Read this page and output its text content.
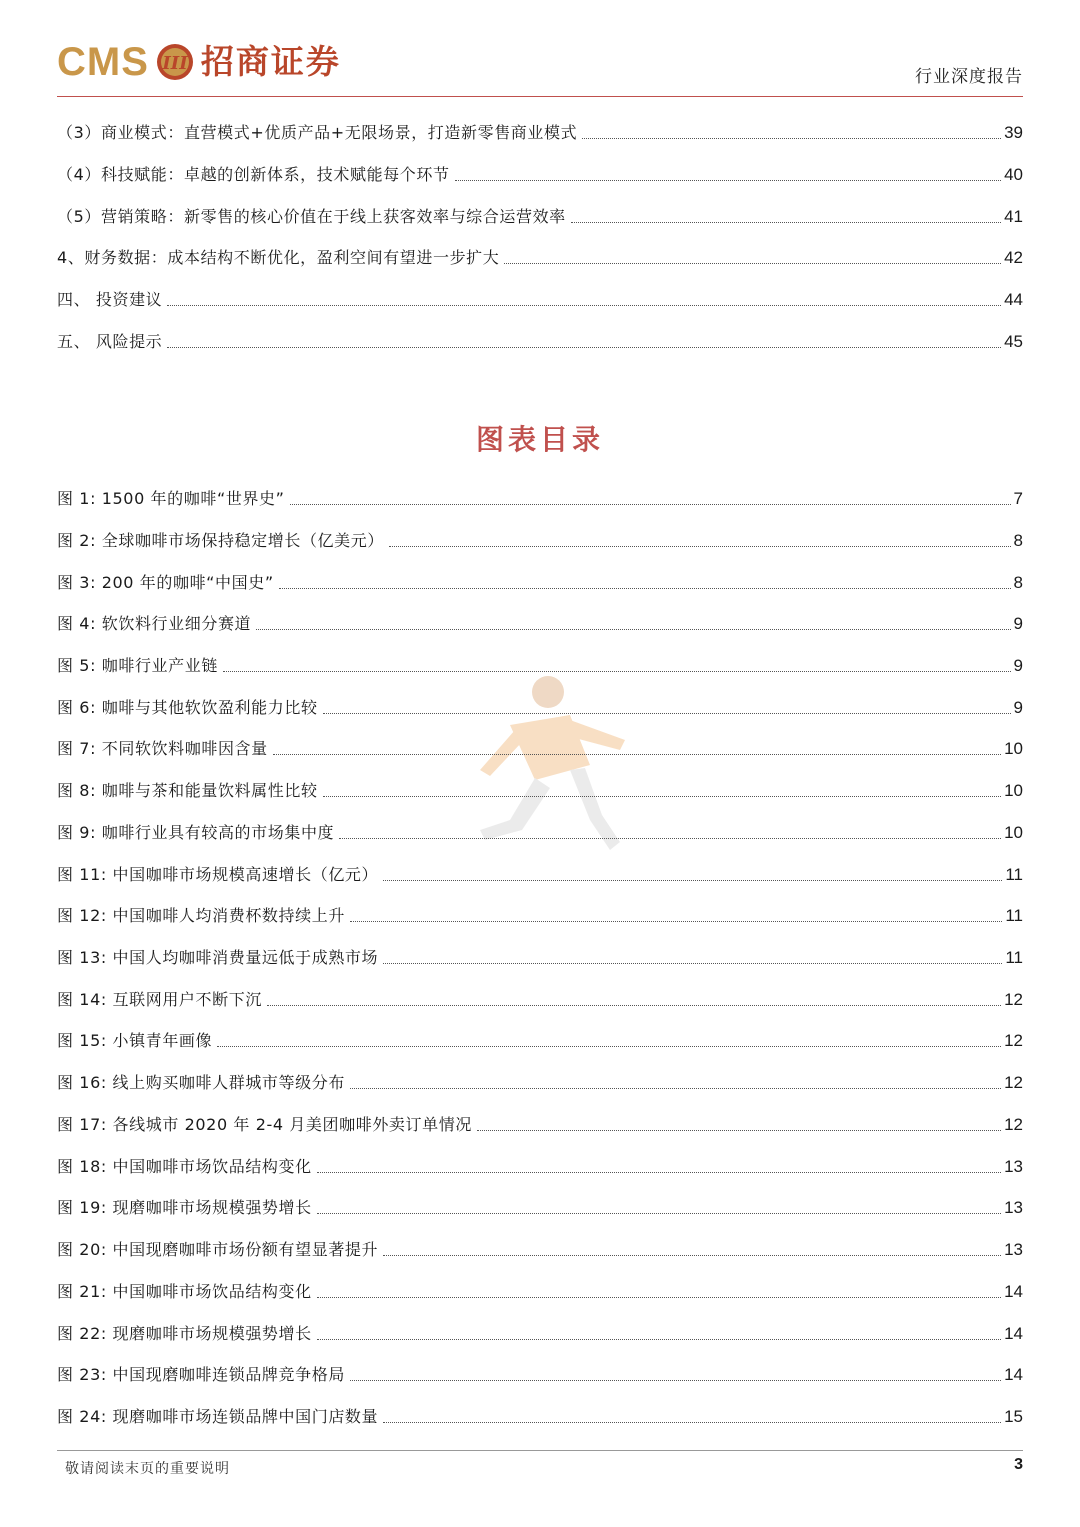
CMS III 招商证券	行业深度报告
（3）商业模式：直营模式+优质产品+无限场景，打造新零售商业模式	39
（4）科技赋能：卓越的创新体系，技术赋能每个环节	40
（5）营销策略：新零售的核心价值在于线上获客效率与综合运营效率	41
4、财务数据：成本结构不断优化，盈利空间有望进一步扩大	42
四、 投资建议	44
五、 风险提示	45
图表目录
图 1: 1500 年的咖啡“世界史”	7
图 2: 全球咖啡市场保持稳定增长（亿美元）	8
图 3: 200 年的咖啡“中国史”	8
图 4: 软饮料行业细分赛道	9
图 5: 咖啡行业产业链	9
图 6: 咖啡与其他软饮盈利能力比较	9
图 7: 不同软饮料咖啡因含量	10
图 8: 咖啡与茶和能量饮料属性比较	10
图 9: 咖啡行业具有较高的市场集中度	10
图 11: 中国咖啡市场规模高速增长（亿元）	11
图 12: 中国咖啡人均消费杯数持续上升	11
图 13: 中国人均咖啡消费量远低于成熟市场	11
图 14: 互联网用户不断下沉	12
图 15: 小镇青年画像	12
图 16: 线上购买咖啡人群城市等级分布	12
图 17: 各线城市 2020 年 2-4 月美团咖啡外卖订单情况	12
图 18: 中国咖啡市场饮品结构变化	13
图 19: 现磨咖啡市场规模强势增长	13
图 20: 中国现磨咖啡市场份额有望显著提升	13
图 21: 中国咖啡市场饮品结构变化	14
图 22: 现磨咖啡市场规模强势增长	14
图 23: 中国现磨咖啡连锁品牌竞争格局	14
图 24: 现磨咖啡市场连锁品牌中国门店数量	15
敬请阅读末页的重要说明	3
